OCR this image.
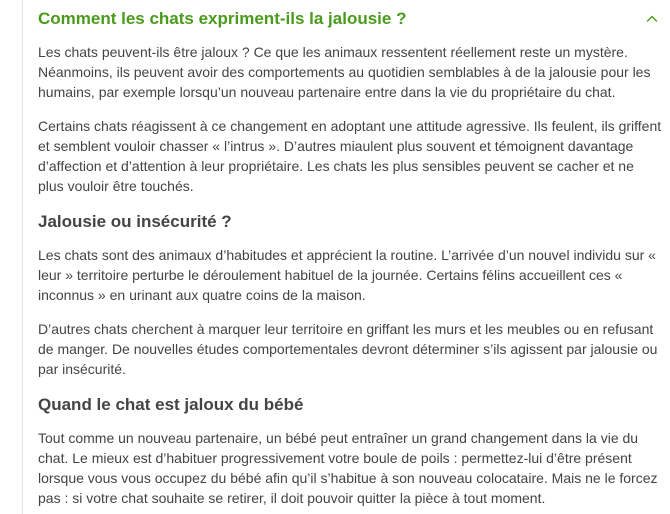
Comment les chats expriment-ils la jalousie ?

Les chats peuvent-ils être jaloux ? Ce que les animaux ressentent réellement reste un mystère. Néanmoins, ils peuvent avoir des comportements au quotidien semblables à de la jalousie pour les humains, par exemple lorsqu’un nouveau partenaire entre dans la vie du propriétaire du chat.

Certains chats réagissent à ce changement en adoptant une attitude agressive. Ils feulent, ils griffent et semblent vouloir chasser « l’intrus ». D’autres miaulent plus souvent et témoignent davantage d’affection et d’attention à leur propriétaire. Les chats les plus sensibles peuvent se cacher et ne plus vouloir être touchés.

Jalousie ou insécurité ?

Les chats sont des animaux d’habitudes et apprécient la routine. L’arrivée d’un nouvel individu sur « leur » territoire perturbe le déroulement habituel de la journée. Certains félins accueillent ces « inconnus » en urinant aux quatre coins de la maison.

D’autres chats cherchent à marquer leur territoire en griffant les murs et les meubles ou en refusant de manger. De nouvelles études comportementales devront déterminer s’ils agissent par jalousie ou par insécurité.

Quand le chat est jaloux du bébé

Tout comme un nouveau partenaire, un bébé peut entraîner un grand changement dans la vie du chat. Le mieux est d’habituer progressivement votre boule de poils : permettez-lui d’être présent lorsque vous vous occupez du bébé afin qu’il s’habitue à son nouveau colocataire. Mais ne le forcez pas : si votre chat souhaite se retirer, il doit pouvoir quitter la pièce à tout moment.
